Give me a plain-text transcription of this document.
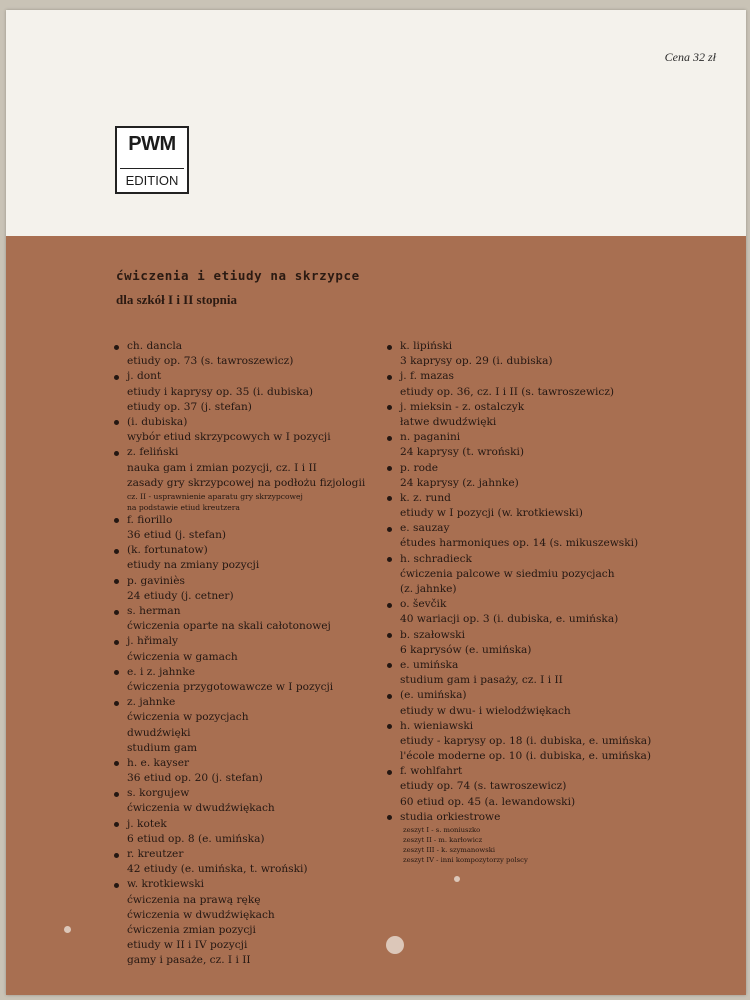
Cena 32 zł
PWM
EDITION
ćwiczenia i etiudy na skrzypce
dla szkół I i II stopnia
ch. dancla
etiudy op. 73 (s. tawroszewicz)
j. dont
etiudy i kaprysy op. 35 (i. dubiska)
etiudy op. 37 (j. stefan)
(i. dubiska)
wybór etiud skrzypcowych w I pozycji
z. feliński
nauka gam i zmian pozycji, cz. I i II
zasady gry skrzypcowej na podłożu fizjologii
cz. II - usprawnienie aparatu gry skrzypcowej
na podstawie etiud kreutzera
f. fiorillo
36 etiud (j. stefan)
(k. fortunatow)
etiudy na zmiany pozycji
p. gaviniès
24 etiudy (j. cetner)
s. herman
ćwiczenia oparte na skali całotonowej
j. hřimaly
ćwiczenia w gamach
e. i z. jahnke
ćwiczenia przygotowawcze w I pozycji
z. jahnke
ćwiczenia w pozycjach
dwudźwięki
studium gam
h. e. kayser
36 etiud op. 20 (j. stefan)
s. korgujew
ćwiczenia w dwudźwiękach
j. kotek
6 etiud op. 8 (e. umińska)
r. kreutzer
42 etiudy (e. umińska, t. wroński)
w. krotkiewski
ćwiczenia na prawą rękę
ćwiczenia w dwudźwiękach
ćwiczenia zmian pozycji
etiudy w II i IV pozycji
gamy i pasaże, cz. I i II
k. lipiński
3 kaprysy op. 29 (i. dubiska)
j. f. mazas
etiudy op. 36, cz. I i II (s. tawroszewicz)
j. mieksin - z. ostalczyk
łatwe dwudźwięki
n. paganini
24 kaprysy (t. wroński)
p. rode
24 kaprysy (z. jahnke)
k. z. rund
etiudy w I pozycji (w. krotkiewski)
e. sauzay
études harmoniques op. 14 (s. mikuszewski)
h. schradieck
ćwiczenia palcowe w siedmiu pozycjach
(z. jahnke)
o. ševčik
40 wariacji op. 3 (i. dubiska, e. umińska)
b. szałowski
6 kaprysów (e. umińska)
e. umińska
studium gam i pasaży, cz. I i II
(e. umińska)
etiudy w dwu- i wielodźwiękach
h. wieniawski
etiudy - kaprysy op. 18 (i. dubiska, e. umińska)
l'école moderne op. 10 (i. dubiska, e. umińska)
f. wohlfahrt
etiudy op. 74 (s. tawroszewicz)
60 etiud op. 45 (a. lewandowski)
studia orkiestrowe
zeszyt I - s. moniuszko
zeszyt II - m. karłowicz
zeszyt III - k. szymanowski
zeszyt IV - inni kompozytorzy polscy
